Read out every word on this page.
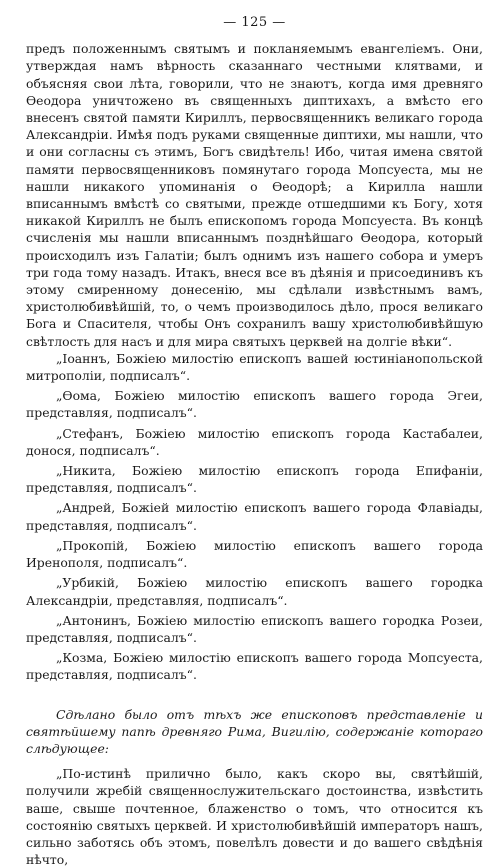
— 125 —

предъ положеннымъ святымъ и покланяемымъ евангеліемъ. Они, утверждая намъ вѣрность сказаннаго честными клятвами, и объясняя свои лѣта, говорили, что не знаютъ, когда имя древняго Ѳеодора уничтожено въ священныхъ диптихахъ, а вмѣсто его внесенъ святой памяти Кириллъ, первосвященникъ великаго города Александріи. Имѣя подъ руками священные диптихи, мы нашли, что и они согласны съ этимъ, Богъ свидѣтель! Ибо, читая имена святой памяти первосвященниковъ помянутаго города Мопсуеста, мы не нашли никакого упоминанія о Ѳеодорѣ; а Кирилла нашли вписаннымъ вмѣстѣ со святыми, прежде отшедшими къ Богу, хотя никакой Кириллъ не былъ епископомъ города Мопсуеста. Въ концѣ счисленія мы нашли вписаннымъ позднѣйшаго Ѳеодора, который происходилъ изъ Галатіи; былъ однимъ изъ нашего собора и умеръ три года тому назадъ. Итакъ, внеся все въ дѣянія и присоединивъ къ этому смиренному донесенію, мы сдѣлали извѣстнымъ вамъ, христолюбивѣйшій, то, о чемъ производилось дѣло, прося великаго Бога и Спасителя, чтобы Онъ сохранилъ вашу христолюбивѣйшую свѣтлость для насъ и для мира святыхъ церквей на долгіе вѣки“.

„Іоаннъ, Божіею милостію епископъ вашей юстиніанопольской митрополіи, подписалъ“.

„Ѳома, Божіею милостію епископъ вашего города Эгеи, представляя, подписалъ“.

„Стефанъ, Божіею милостію епископъ города Кастабалеи, донося, подписалъ“.

„Никита, Божіею милостію епископъ города Епифаніи, представляя, подписалъ“.

„Андрей, Божіей милостію епископъ вашего города Флавіады, представляя, подписалъ“.

„Прокопій, Божіею милостію епископъ вашего города Иренополя, подписалъ“.

„Урбикій, Божіею милостію епископъ вашего городка Александріи, представляя, подписалъ“.

„Антонинъ, Божіею милостію епископъ вашего городка Розеи, представляя, подписалъ“.

„Козма, Божіею милостію епископъ вашего города Мопсуеста, представляя, подписалъ“.

Сдѣлано было отъ тѣхъ же епископовъ представленіе и святѣйшему папѣ древняго Рима, Вигилію, содержаніе котораго слѣдующее:

„По-истинѣ прилично было, какъ скоро вы, святѣйшій, получили жребій священнослужительскаго достоинства, извѣстить ваше, свыше почтенное, блаженство о томъ, что относится къ состоянію святыхъ церквей. И христолюбивѣйшій императоръ нашъ, сильно заботясь объ этомъ, повелѣлъ довести и до вашего свѣдѣнія нѣчто,
